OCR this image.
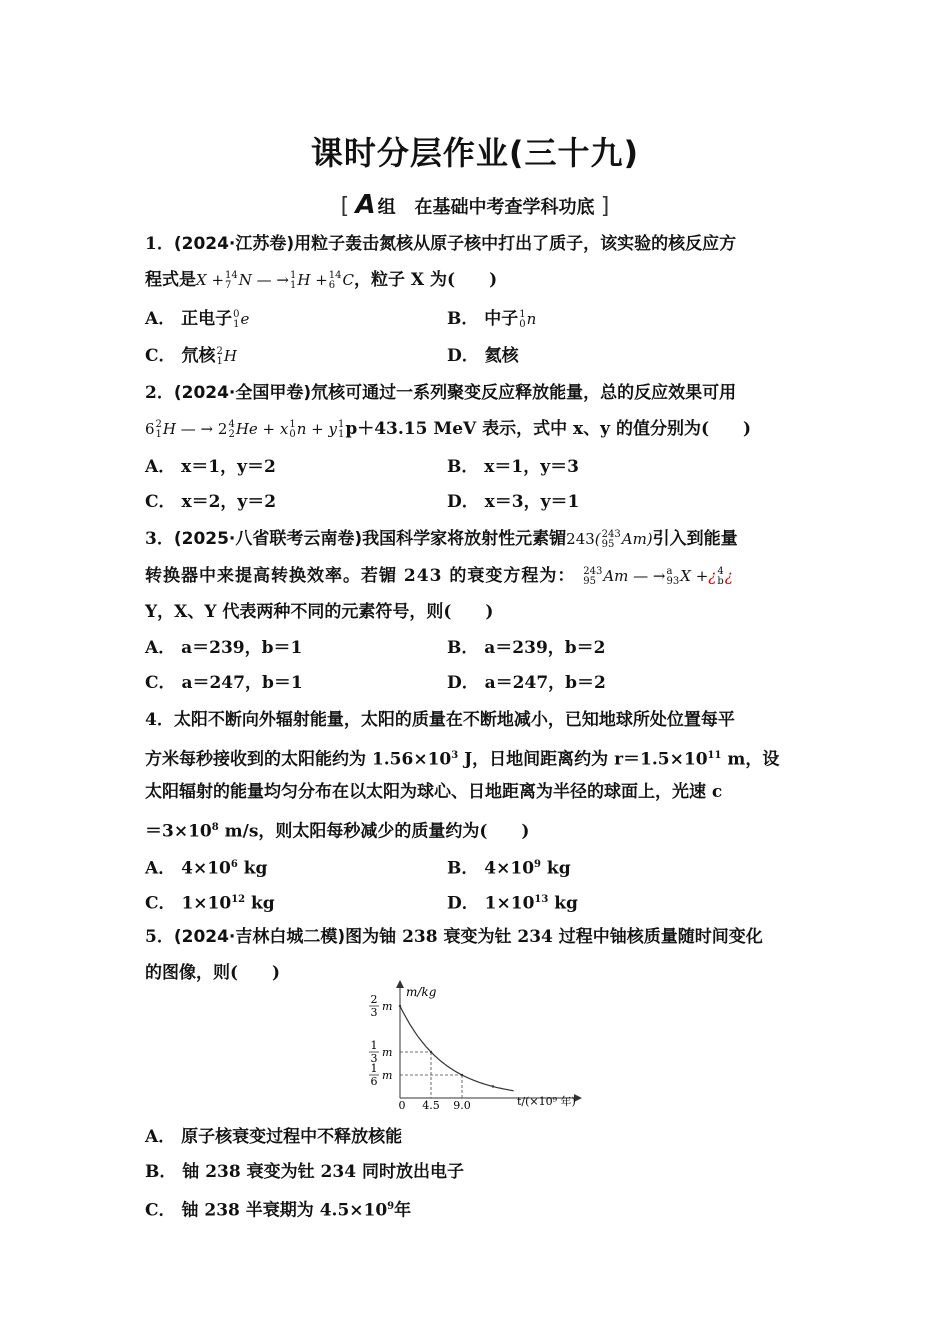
课时分层作业(三十九)
[ A 组 在基础中考查学科功底 ]
1．(2024·江苏卷)用粒子轰击氮核从原子核中打出了质子，该实验的核反应方
程式是X + 14
7 N — → 1
1 H + 14
6 C，粒子 X 为(　　)
A． 正电子 0
1 e	B． 中子 1
0 n
C． 氘核 2
1 H	D． 氦核
2．(2024·全国甲卷)氘核可通过一系列聚变反应释放能量，总的反应效果可用
6 2
1 H — → 2 4
2 He + x 1
0 n + y 1
1 p＋43.15 MeV 表示，式中 x、y 的值分别为(　　)
A． x＝1，y＝2	B． x＝1，y＝3
C． x＝2，y＝2	D． x＝3，y＝1
3．(2025·八省联考云南卷)我国科学家将放射性元素镅243( 243
95 Am)引入到能量
转换器中来提高转换效率。若镅 243 的衰变方程为： 243
95 Am — → a
93 X +¿ 4
b ¿
Y，X、Y 代表两种不同的元素符号，则(　　)
A． a＝239，b＝1	B． a＝239，b＝2
C． a＝247，b＝1	D． a＝247，b＝2
4．太阳不断向外辐射能量，太阳的质量在不断地减小，已知地球所处位置每平
方米每秒接收到的太阳能约为 $1.56\times 10^3$ J，日地间距离约为 $r=1.5\times 10^{11}$ m，设
太阳辐射的能量均匀分布在以太阳为球心、日地距离为半径的球面上，光速 c
$=3\times 10^8$ m/s，则太阳每秒减少的质量约为(　　)
A． $4\times 10^6$ kg	B． $4\times 10^9$ kg
C． $1\times 10^{12}$ kg	D． $1\times 10^{13}$ kg
5．(2024·吉林白城二模)图为铀 238 衰变为钍 234 过程中铀核质量随时间变化
的图像，则(　　)
m/kg
t/(×10⁹ 年)
2
3 m
1
3 m
1
6 m
0 4.5 9.0
A． 原子核衰变过程中不释放核能
B． 铀 238 衰变为钍 234 同时放出电子
C． 铀 238 半衰期为 $4.5\times 10^9$年
